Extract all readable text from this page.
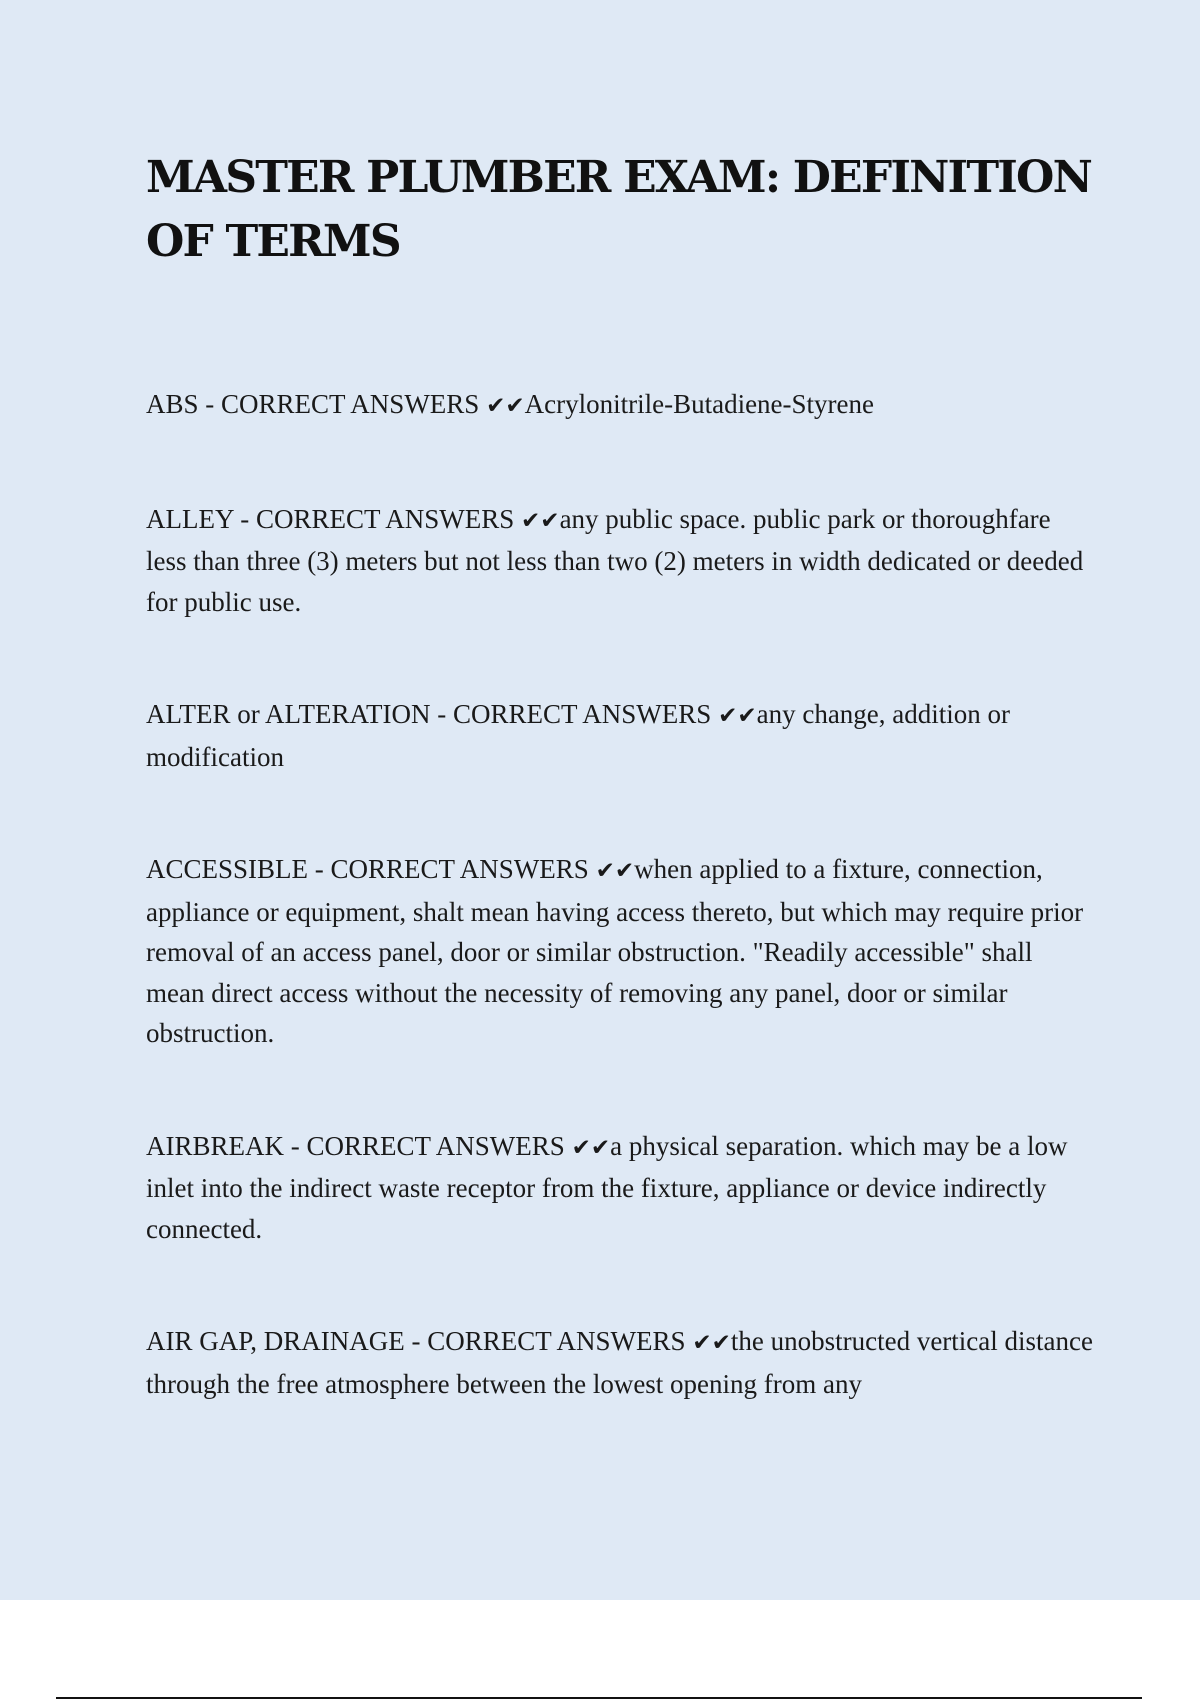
MASTER PLUMBER EXAM: DEFINITION OF TERMS

ABS - CORRECT ANSWERS ✔✔Acrylonitrile-Butadiene-Styrene

ALLEY - CORRECT ANSWERS ✔✔any public space. public park or thoroughfare less than three (3) meters but not less than two (2) meters in width dedicated or deeded for public use.

ALTER or ALTERATION - CORRECT ANSWERS ✔✔any change, addition or modification

ACCESSIBLE - CORRECT ANSWERS ✔✔when applied to a fixture, connection, appliance or equipment, shalt mean having access thereto, but which may require prior removal of an access panel, door or similar obstruction. "Readily accessible" shall mean direct access without the necessity of removing any panel, door or similar obstruction.

AIRBREAK - CORRECT ANSWERS ✔✔a physical separation. which may be a low inlet into the indirect waste receptor from the fixture, appliance or device indirectly connected.

AIR GAP, DRAINAGE - CORRECT ANSWERS ✔✔the unobstructed vertical distance through the free atmosphere between the lowest opening from any
